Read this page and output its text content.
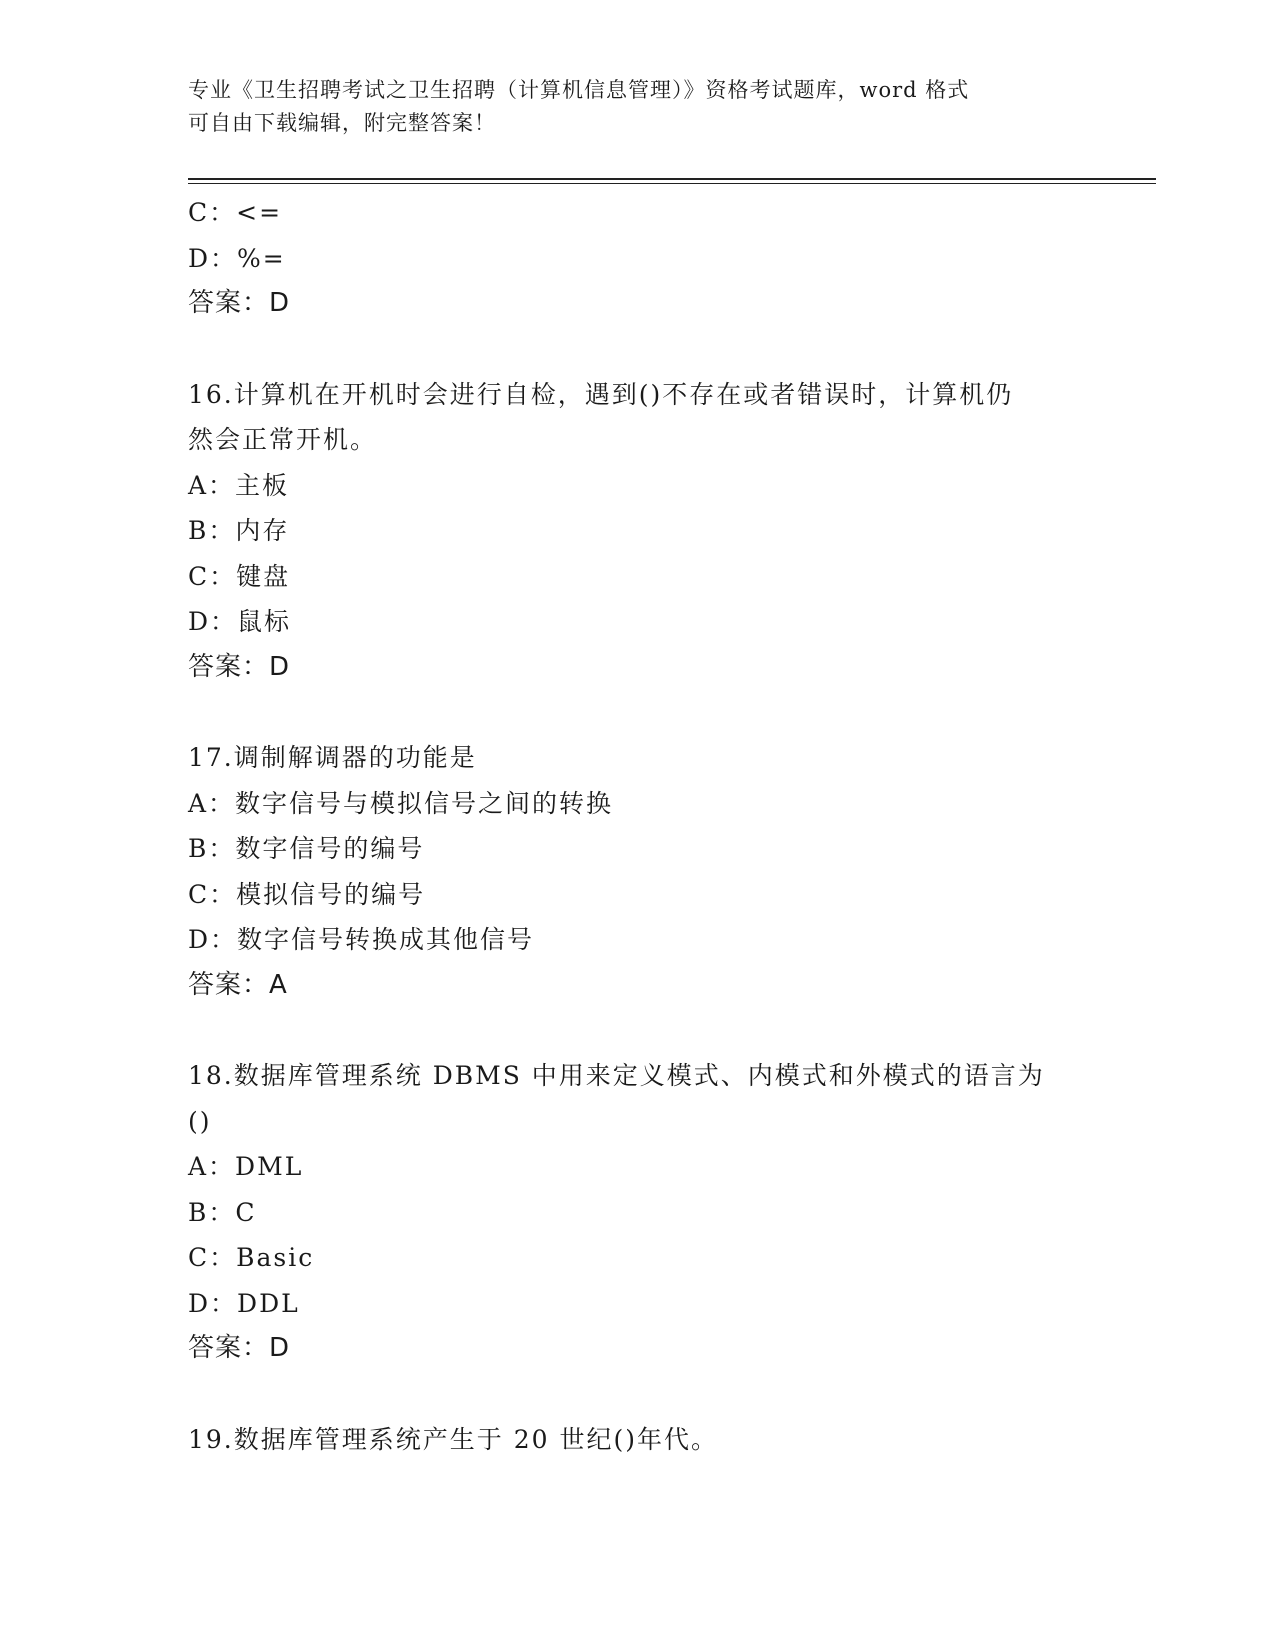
专业《卫生招聘考试之卫生招聘（计算机信息管理）》资格考试题库，word 格式
可自由下载编辑，附完整答案！
C：<=
D：%=
答案：D
16.计算机在开机时会进行自检，遇到()不存在或者错误时，计算机仍
然会正常开机。
A：主板
B：内存
C：键盘
D：鼠标
答案：D
17.调制解调器的功能是
A：数字信号与模拟信号之间的转换
B：数字信号的编号
C：模拟信号的编号
D：数字信号转换成其他信号
答案：A
18.数据库管理系统 DBMS 中用来定义模式、内模式和外模式的语言为
()
A：DML
B：C
C：Basic
D：DDL
答案：D
19.数据库管理系统产生于 20 世纪()年代。
